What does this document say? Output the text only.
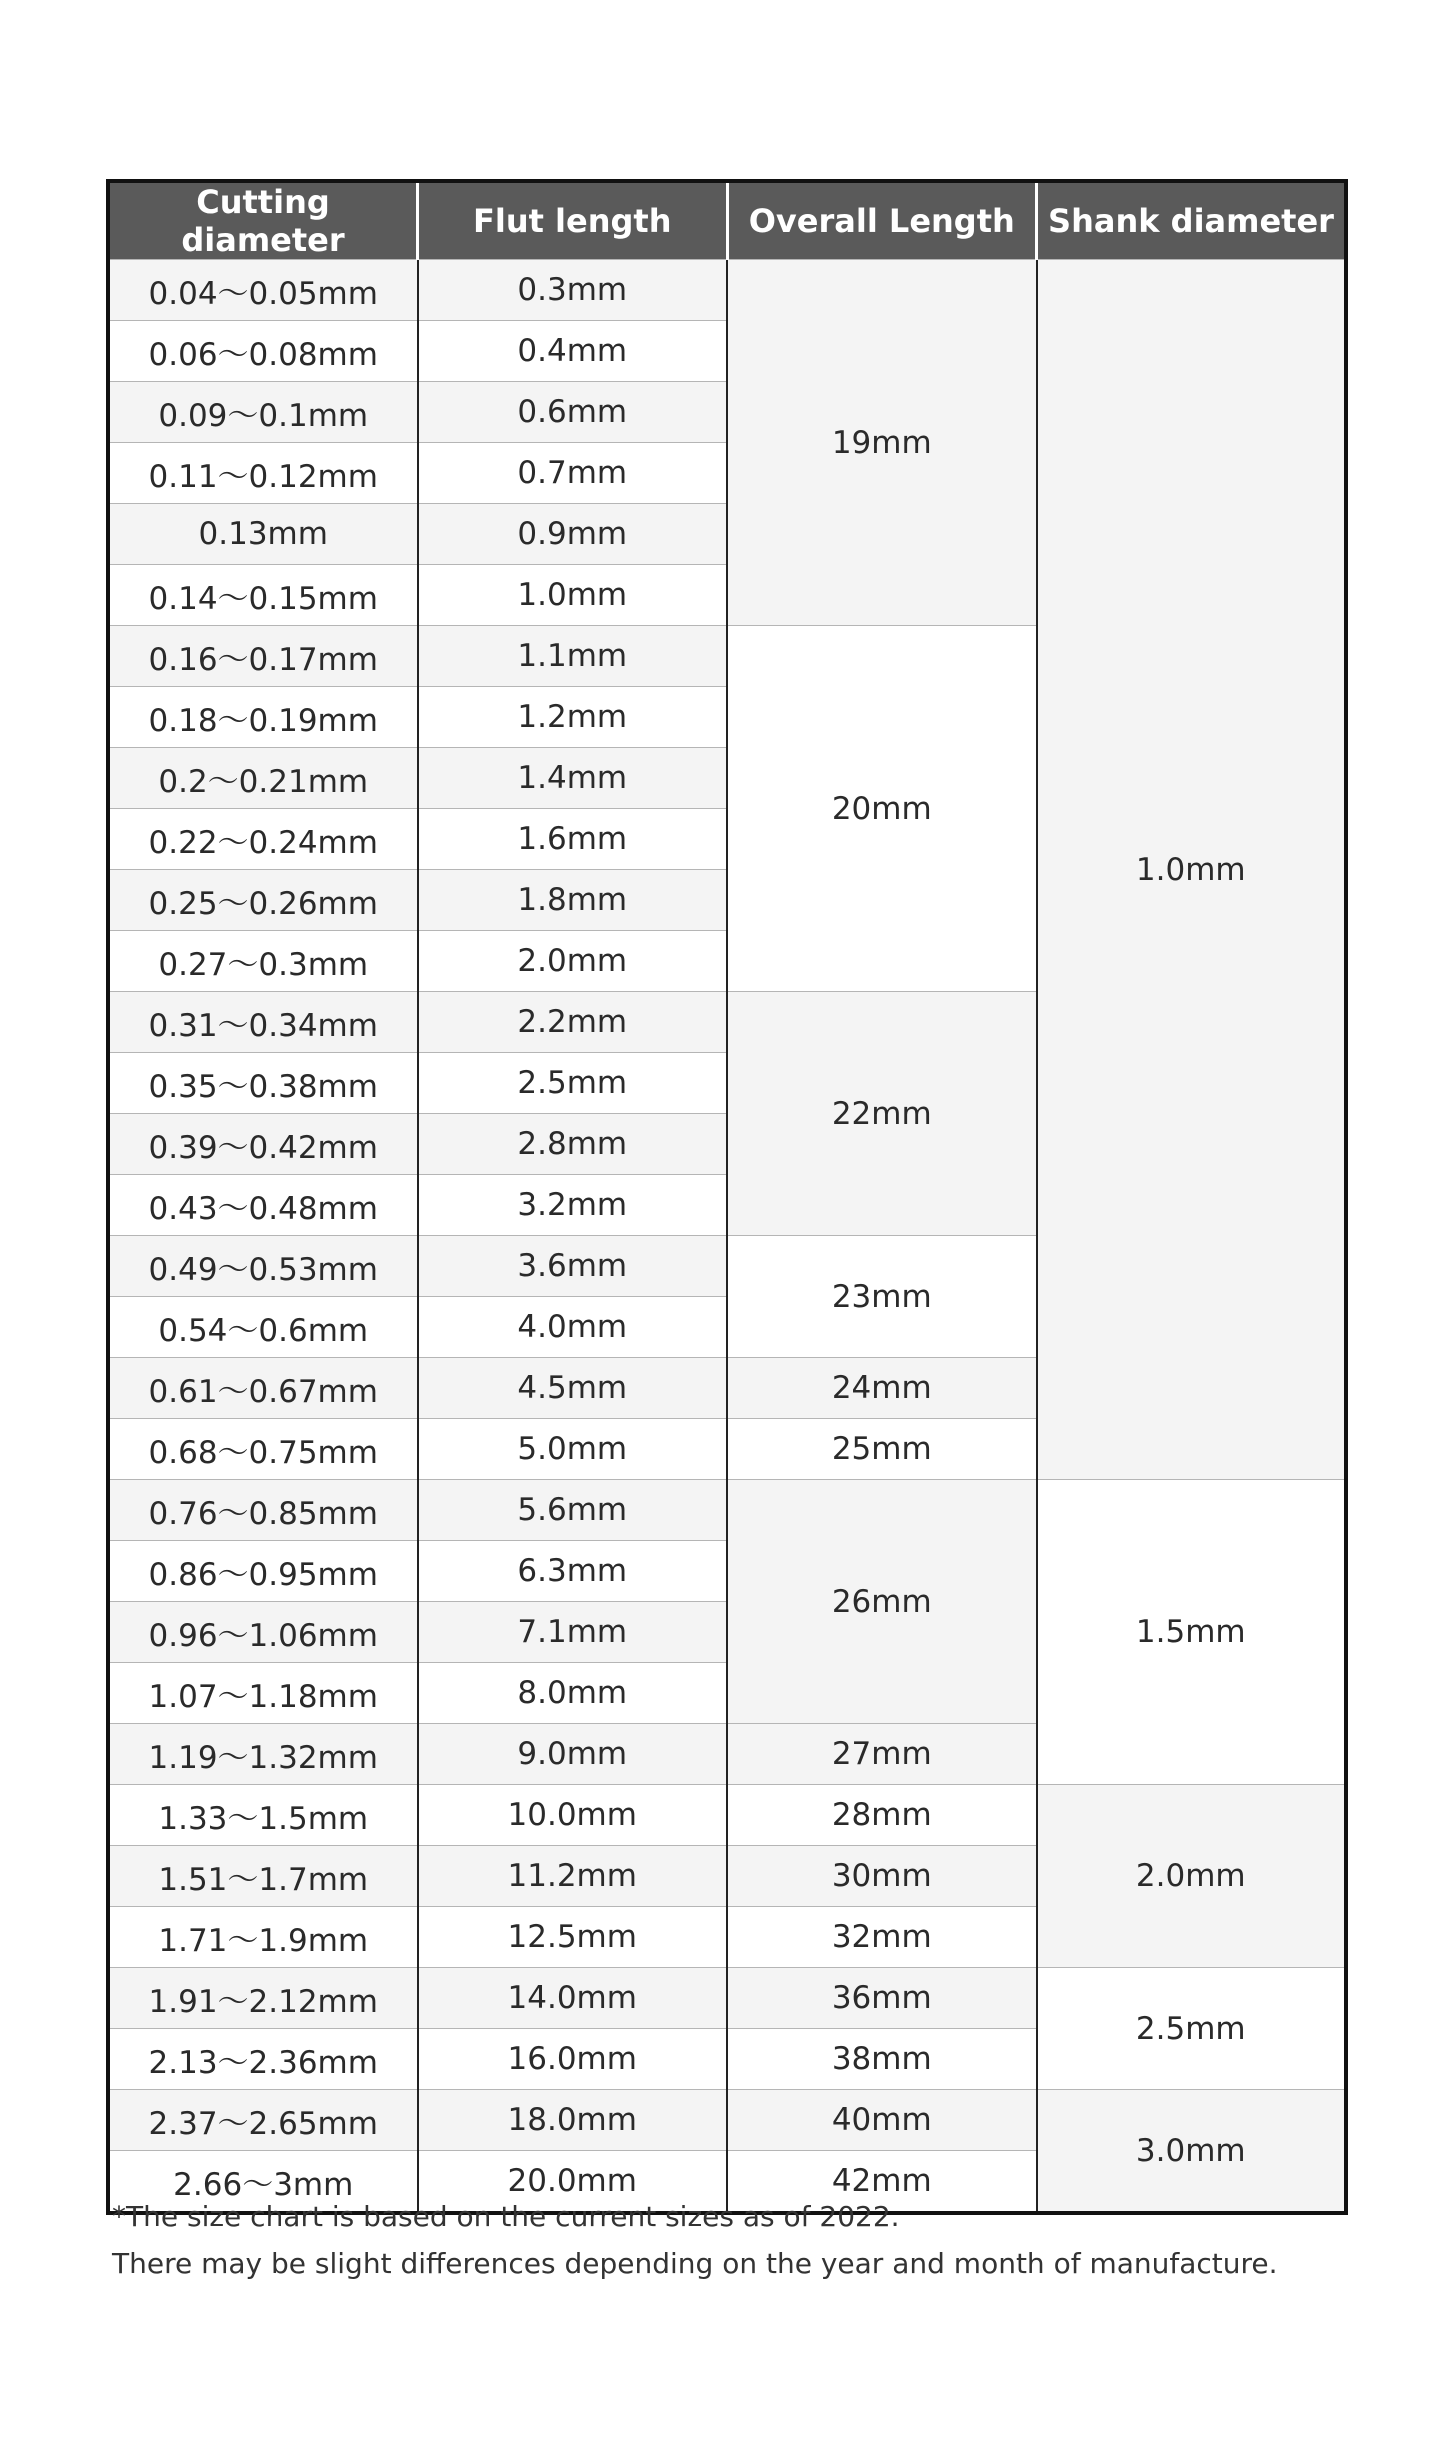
Cutting diameter	Flut length	Overall Length	Shank diameter
0.04～0.05mm	0.3mm	19mm	1.0mm
0.06～0.08mm	0.4mm		
0.09～0.1mm	0.6mm		
0.11～0.12mm	0.7mm		
0.13mm	0.9mm		
0.14～0.15mm	1.0mm		
0.16～0.17mm	1.1mm	20mm	
0.18～0.19mm	1.2mm		
0.2～0.21mm	1.4mm		
0.22～0.24mm	1.6mm		
0.25～0.26mm	1.8mm		
0.27～0.3mm	2.0mm		
0.31～0.34mm	2.2mm	22mm	
0.35～0.38mm	2.5mm		
0.39～0.42mm	2.8mm		
0.43～0.48mm	3.2mm		
0.49～0.53mm	3.6mm	23mm	
0.54～0.6mm	4.0mm		
0.61～0.67mm	4.5mm	24mm	
0.68～0.75mm	5.0mm	25mm	
0.76～0.85mm	5.6mm	26mm	1.5mm
0.86～0.95mm	6.3mm		
0.96～1.06mm	7.1mm		
1.07～1.18mm	8.0mm		
1.19～1.32mm	9.0mm	27mm	
1.33～1.5mm	10.0mm	28mm	2.0mm
1.51～1.7mm	11.2mm	30mm	
1.71～1.9mm	12.5mm	32mm	
1.91～2.12mm	14.0mm	36mm	2.5mm
2.13～2.36mm	16.0mm	38mm	
2.37～2.65mm	18.0mm	40mm	3.0mm
2.66～3mm	20.0mm	42mm	
*The size chart is based on the current sizes as of 2022.
There may be slight differences depending on the year and month of manufacture.
